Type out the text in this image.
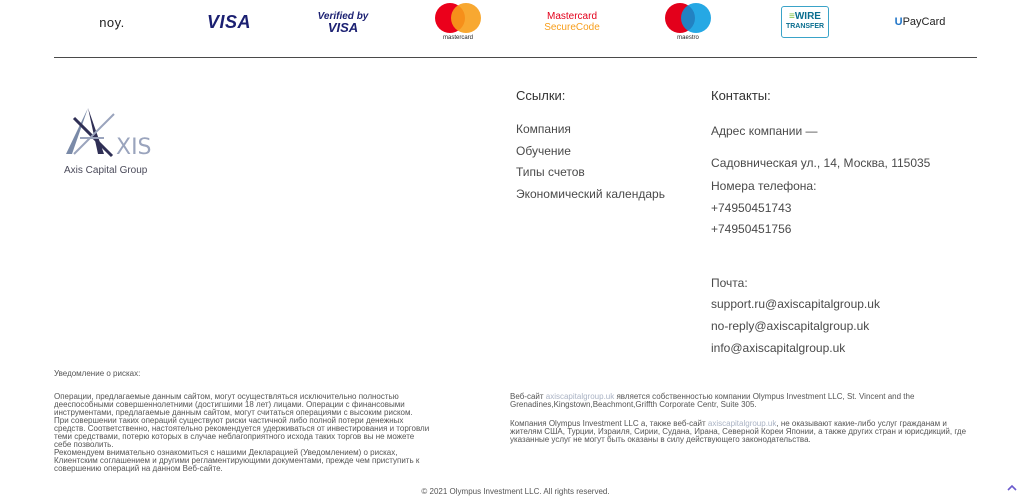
noy.	VISA	Verified by
VISA
mastercard
Mastercard
SecureCode
maestro
≡WIRE
TRANSFER	U PayCard
XIS
Axis Capital Group
Ссылки:
Компания
Обучение
Типы счетов
Экономический календарь
Контакты:
Адрес компании —
Садовническая ул., 14, Москва, 115035
Номера телефона:
+74950451743
+74950451756
Почта:
support.ru@axiscapitalgroup.uk
no-reply@axiscapitalgroup.uk
info@axiscapitalgroup.uk
Уведомление о рисках:
Операции, предлагаемые данным сайтом, могут осуществляться исключительно полностью
дееспособными совершеннолетними (достигшими 18 лет) лицами. Операции с финансовыми
инструментами, предлагаемые данным сайтом, могут считаться операциями с высоким риском.
При совершении таких операций существуют риски частичной либо полной потери денежных
средств. Соответственно, настоятельно рекомендуется удерживаться от инвестирования и торговли
теми средствами, потерю которых в случае неблагоприятного исхода таких торгов вы не можете
себе позволить.
Рекомендуем внимательно ознакомиться с нашими Декларацией (Уведомлением) о рисках,
Клиентским соглашением и другими регламентирующими документами, прежде чем приступить к
совершению операций на данном Веб-сайте.

Веб-сайт axiscapitalgroup.uk является собственностью компании Olympus Investment LLC, St. Vincent and the Grenadines,Kingstown,Beachmont,Griffth Corporate Centr, Suite 305.

Компания Olympus Investment LLC а, также веб-сайт axiscapitalgroup.uk, не оказывают какие-либо услуг гражданам и жителям США, Турции, Израиля, Сирии, Судана, Ирана, Северной Кореи Японии, а также других стран и юрисдикций, где указанные услуг не могут быть оказаны в силу действующего законодательства.

© 2021 Olympus Investment LLC. All rights reserved.
